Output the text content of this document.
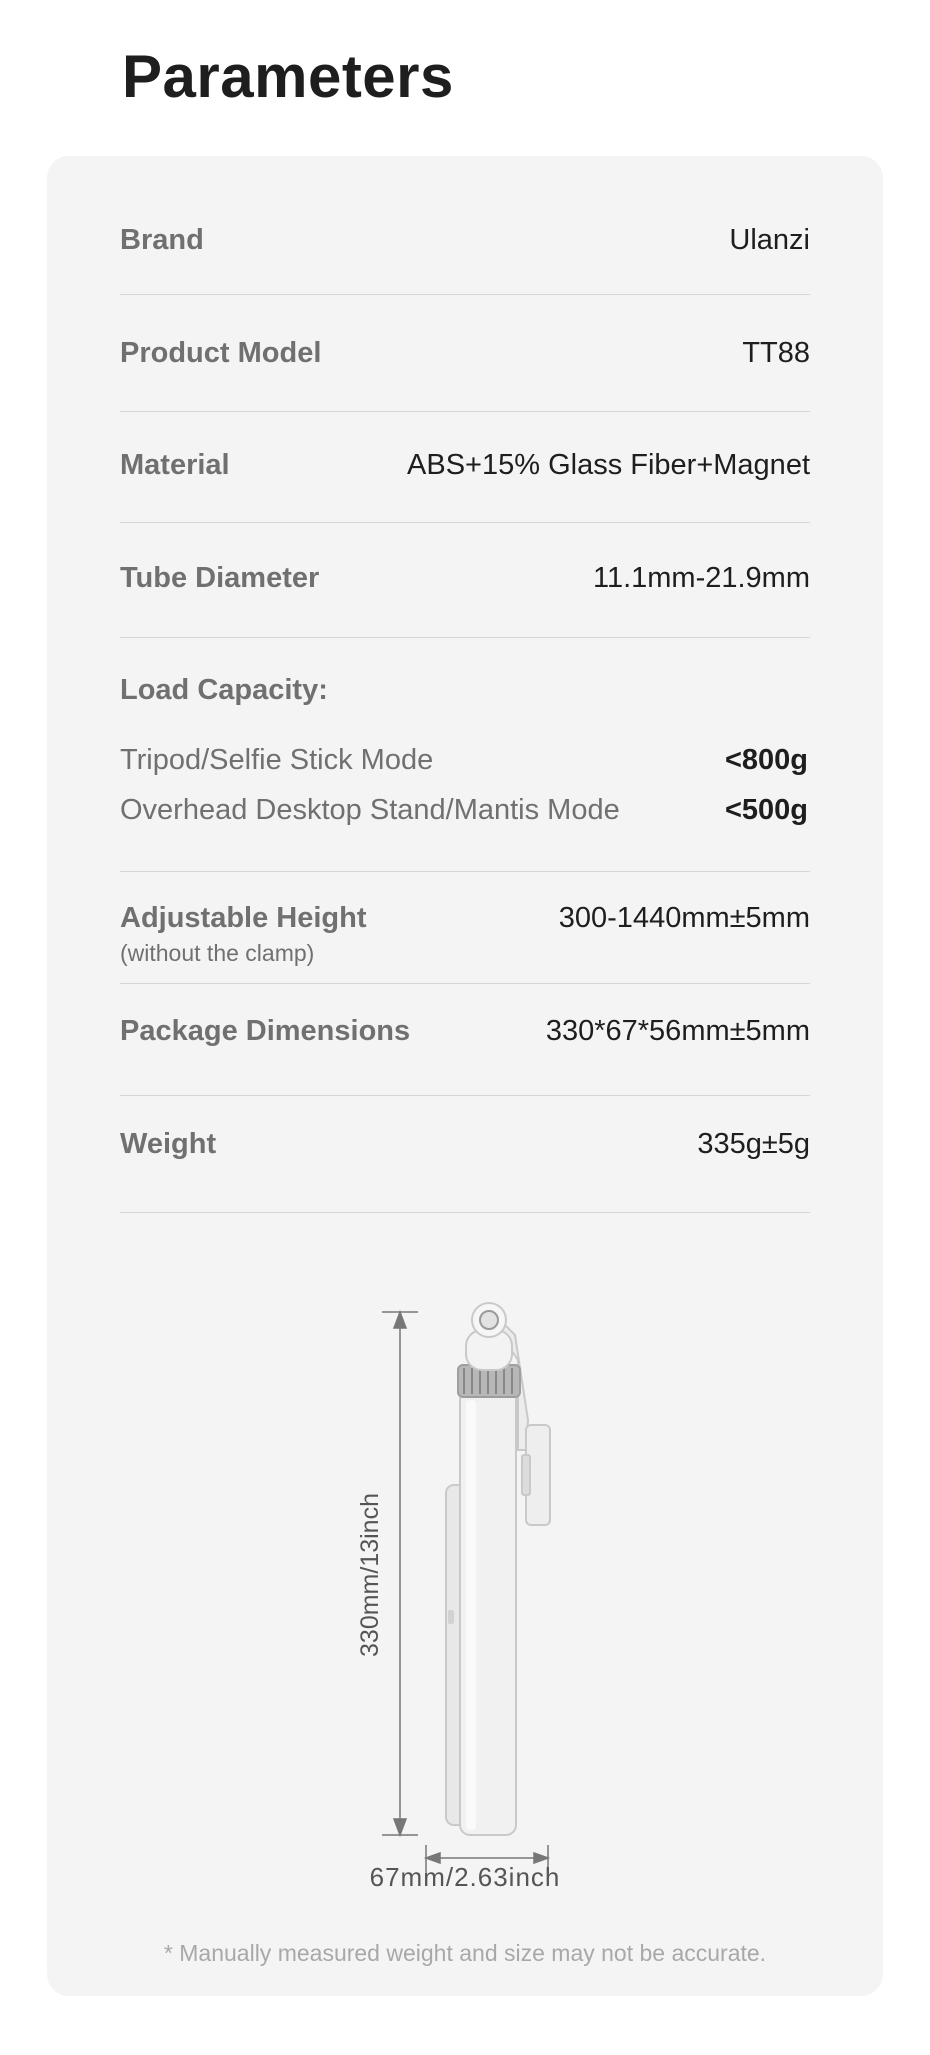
Parameters
Brand	Ulanzi
Product Model	TT88
Material	ABS+15% Glass Fiber+Magnet
Tube Diameter	11.1mm-21.9mm
Load Capacity:
Tripod/Selfie Stick Mode	<800g
Overhead Desktop Stand/Mantis Mode	<500g
Adjustable Height	300-1440mm±5mm
(without the clamp)
Package Dimensions	330*67*56mm±5mm
Weight	335g±5g
330mm/13inch
67mm/2.63inch
* Manually measured weight and size may not be accurate.
